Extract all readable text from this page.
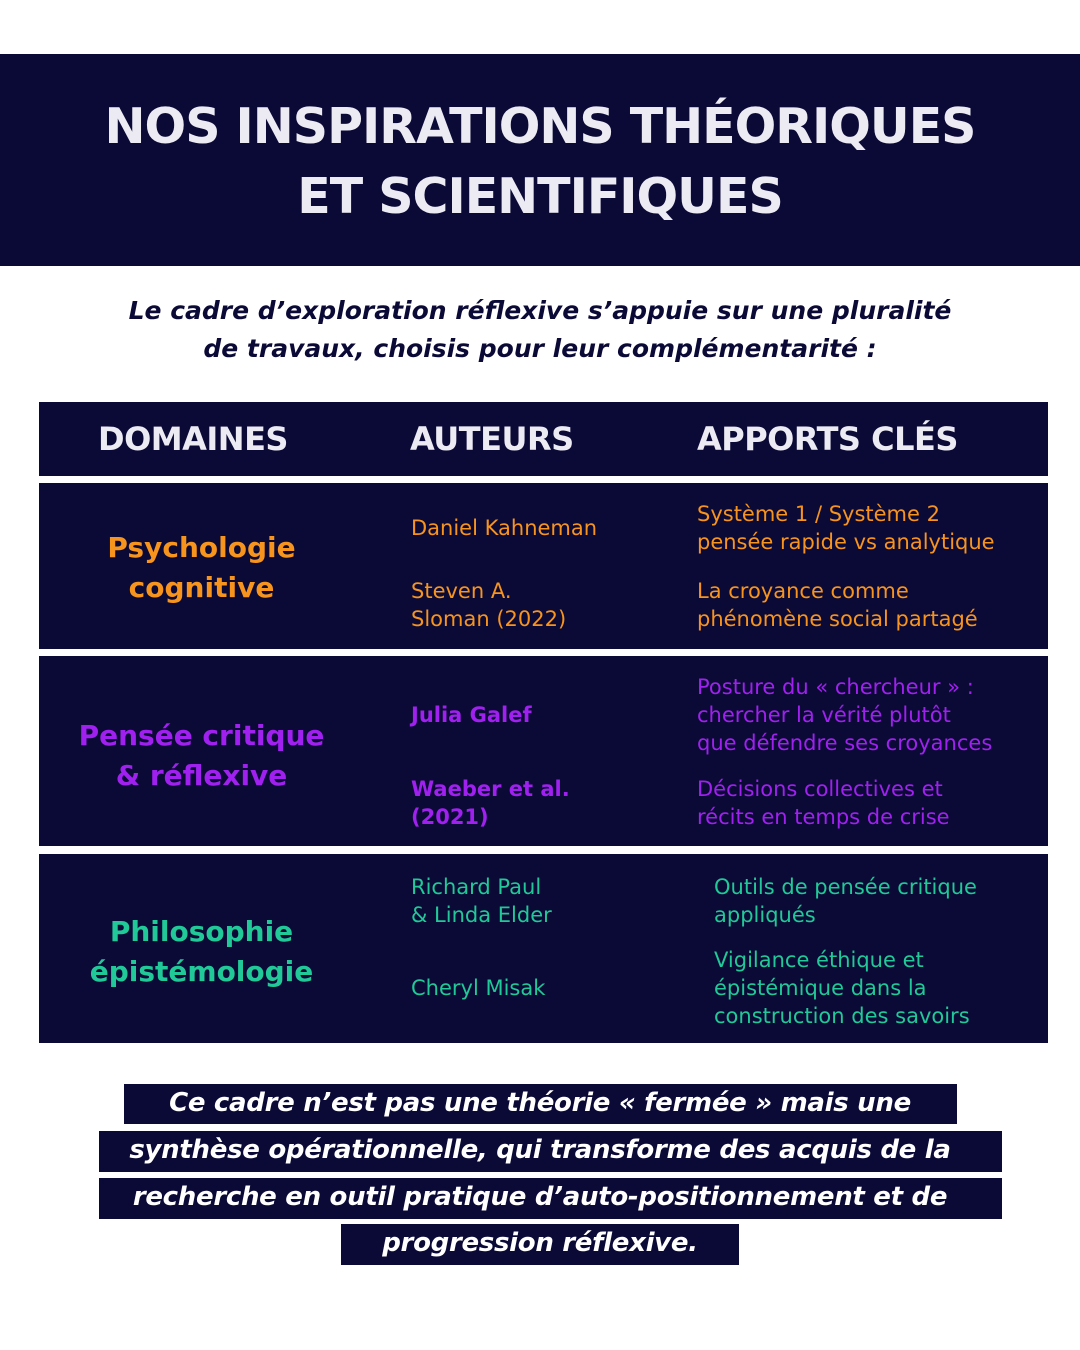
NOS INSPIRATIONS THÉORIQUES
ET SCIENTIFIQUES
Le cadre d’exploration réflexive s’appuie sur une pluralité
de travaux, choisis pour leur complémentarité :
DOMAINES	AUTEURS	APPORTS CLÉS
Psychologie
cognitive
Daniel Kahneman
Système 1 / Système 2
pensée rapide vs analytique
Steven A.
Sloman (2022)
La croyance comme
phénomène social partagé
Pensée critique
& réflexive
Julia Galef
Posture du « chercheur » :
chercher la vérité plutôt
que défendre ses croyances
Waeber et al.
(2021)
Décisions collectives et
récits en temps de crise
Philosophie
épistémologie
Richard Paul
& Linda Elder
Outils de pensée critique
appliqués
Cheryl Misak
Vigilance éthique et
épistémique dans la
construction des savoirs
Ce cadre n’est pas une théorie « fermée » mais une
synthèse opérationnelle, qui transforme des acquis de la
recherche en outil pratique d’auto-positionnement et de
progression réflexive.
